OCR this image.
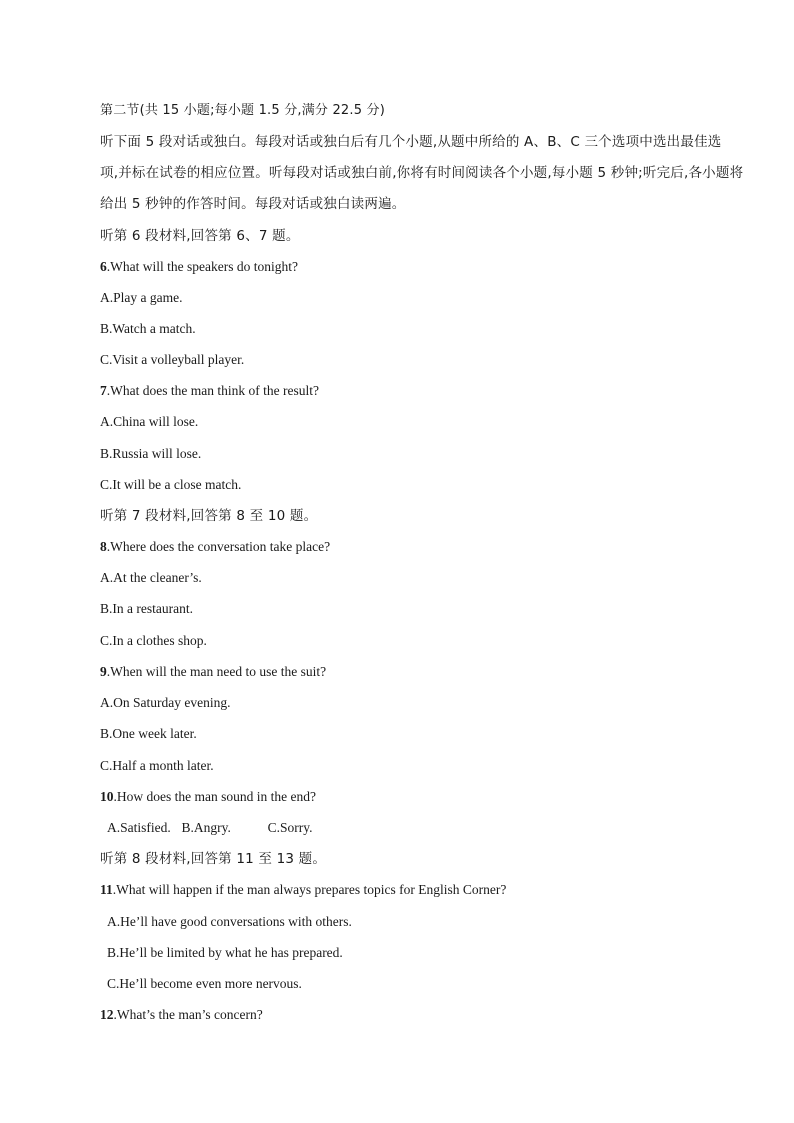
第二节(共 15 小题;每小题 1.5 分,满分 22.5 分)
听下面 5 段对话或独白。每段对话或独白后有几个小题,从题中所给的 A、B、C 三个选项中选出最佳选
项,并标在试卷的相应位置。听每段对话或独白前,你将有时间阅读各个小题,每小题 5 秒钟;听完后,各小题将
给出 5 秒钟的作答时间。每段对话或独白读两遍。
听第 6 段材料,回答第 6、7 题。
6.What will the speakers do tonight?
A.Play a game.
B.Watch a match.
C.Visit a volleyball player.
7.What does the man think of the result?
A.China will lose.
B.Russia will lose.
C.It will be a close match.
听第 7 段材料,回答第 8 至 10 题。
8.Where does the conversation take place?
A.At the cleaner’s.
B.In a restaurant.
C.In a clothes shop.
9.When will the man need to use the suit?
A.On Saturday evening.
B.One week later.
C.Half a month later.
10.How does the man sound in the end?
A.Satisfied. B.Angry.	C.Sorry.
听第 8 段材料,回答第 11 至 13 题。
11.What will happen if the man always prepares topics for English Corner?
A.He’ll have good conversations with others.
B.He’ll be limited by what he has prepared.
C.He’ll become even more nervous.
12.What’s the man’s concern?
